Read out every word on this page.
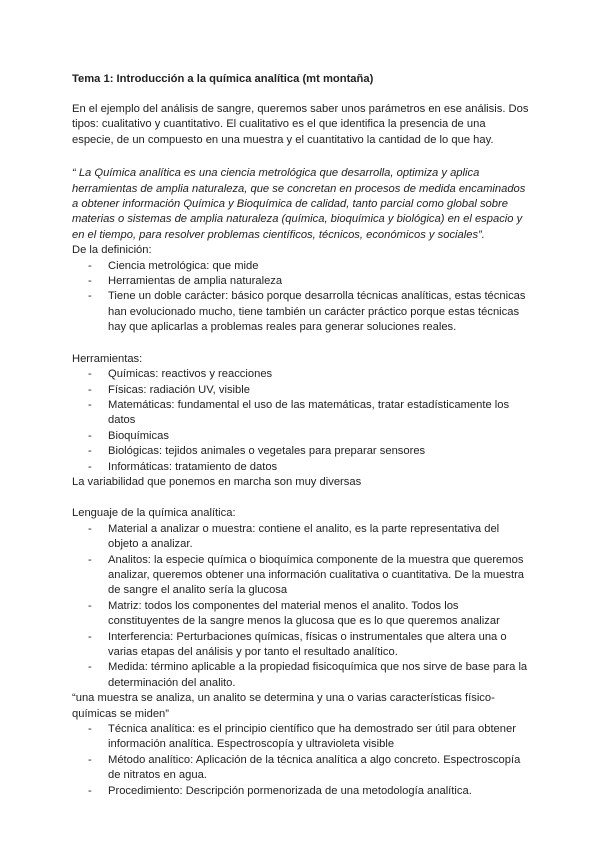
Tema 1: Introducción a la química analítica (mt montaña)

En el ejemplo del análisis de sangre, queremos saber unos parámetros en ese análisis. Dos tipos: cualitativo y cuantitativo. El cualitativo es el que identifica la presencia de una especie, de un compuesto en una muestra y el cuantitativo la cantidad de lo que hay.

“ La Química analítica es una ciencia metrológica que desarrolla, optimiza y aplica herramientas de amplia naturaleza, que se concretan en procesos de medida encaminados a obtener información Química y Bioquímica de calidad, tanto parcial como global sobre materias o sistemas de amplia naturaleza (química, bioquímica y biológica) en el espacio y en el tiempo, para resolver problemas científicos, técnicos, económicos y sociales”.

De la definición:

- Ciencia metrológica: que mide
- Herramientas de amplia naturaleza
- Tiene un doble carácter: básico porque desarrolla técnicas analíticas, estas técnicas han evolucionado mucho, tiene también un carácter práctico porque estas técnicas hay que aplicarlas a problemas reales para generar soluciones reales.

Herramientas:

- Químicas: reactivos y reacciones
- Físicas: radiación UV, visible
- Matemáticas: fundamental el uso de las matemáticas, tratar estadísticamente los datos
- Bioquímicas
- Biológicas: tejidos animales o vegetales para preparar sensores
- Informáticas: tratamiento de datos

La variabilidad que ponemos en marcha son muy diversas

Lenguaje de la química analítica:

- Material a analizar o muestra: contiene el analito, es la parte representativa del objeto a analizar.
- Analitos: la especie química o bioquímica componente de la muestra que queremos analizar, queremos obtener una información cualitativa o cuantitativa. De la muestra de sangre el analito sería la glucosa
- Matriz: todos los componentes del material menos el analito. Todos los constituyentes de la sangre menos la glucosa que es lo que queremos analizar
- Interferencia: Perturbaciones químicas, físicas o instrumentales que altera una o varias etapas del análisis y por tanto el resultado analítico.
- Medida: término aplicable a la propiedad fisicoquímica que nos sirve de base para la determinación del analito.

“una muestra se analiza, un analito se determina y una o varias características físico-químicas se miden”

- Técnica analítica: es el principio científico que ha demostrado ser útil para obtener información analítica. Espectroscopía y ultravioleta visible
- Método analítico: Aplicación de la técnica analítica a algo concreto. Espectroscopía de nitratos en agua.
- Procedimiento: Descripción pormenorizada de una metodología analítica.
